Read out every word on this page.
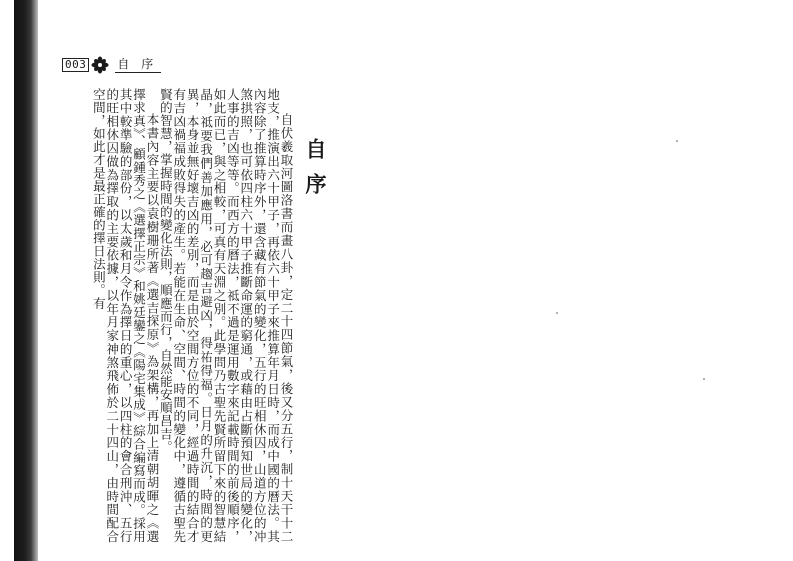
003	自 序
自序

自伏羲取河圖洛書而畫八卦，定二十四節氣，後又分五行，制十天干十二地支，推演出六十甲子，再依六十甲子來推算年月日時，而成中國的曆法。其內容除了推算時序外，還含藏有節氣的變化，五行的旺相休囚，山道方位的冲煞拱照，也可依四柱六十甲子推斷命運的窮通，或藉由占斷預知世局的變化，人事的吉凶等等。而西方的曆法，祗不過是運用數字來記載時間的前後順序，如此而已，與之相較，可真有天淵之別。此學問乃古聖先賢所留下來的智慧結晶，祗要我們善加應用，必可趨吉避凶，得祐得福。日月的升沉，時間的更異，本身並無好壞吉凶的差別，而是由於空間方位的不同，經過時間的結合才有吉凶禍福成敗得失的產生。若能在生命、空間、時間的變化中，遵循古聖先賢的智慧，掌握時間的變化法則，順應而行，自然能安順昌吉。

本書內容主要以袁樹珊所著《選吉探原》為架構，再加上清朝胡暉之《選擇求真》、顧鍾秀之《選擇正宗》和姚廷鑾之《陽宅集成》綜合編寫而成。採用其中較準驗的部份，以太歲和月令作為擇日的重心，以四柱的會合刑沖、五行的旺相休囚做為擇取的主要依據，以年月家神煞飛佈於二十四山，由時間配合空間，如此才是最正確的擇日法則。有
